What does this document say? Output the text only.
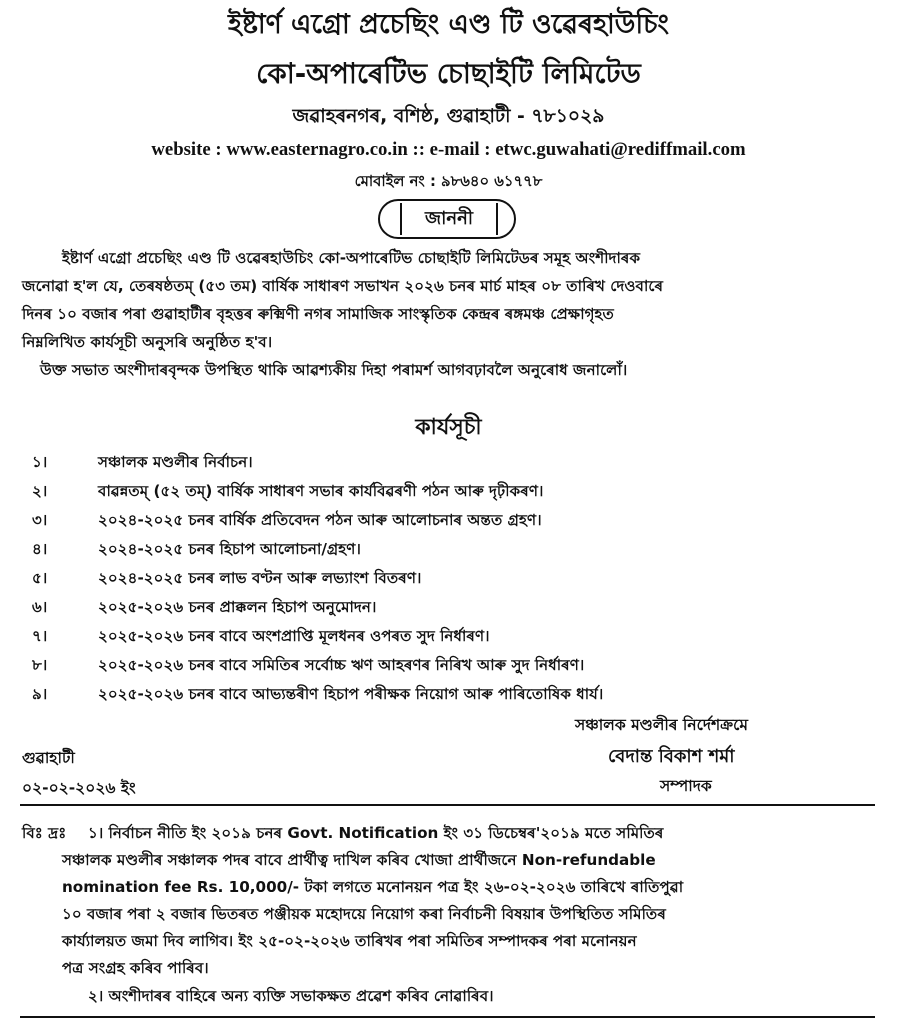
ইষ্টাৰ্ণ এগ্ৰো প্ৰচেছিং এণ্ড টি ওৱেৰহাউচিং
কো-অপাৰেটিভ চোছাইটি লিমিটেড
জৱাহৰনগৰ, বশিষ্ঠ, গুৱাহাটী - ৭৮১০২৯
website : www.easternagro.co.in :: e-mail : etwc.guwahati@rediffmail.com
মোবাইল নং : ৯৮৬৪০ ৬১৭৭৮
জাননী
ইষ্টাৰ্ণ এগ্ৰো প্ৰচেছিং এণ্ড টি ওৱেৰহাউচিং কো-অপাৰেটিভ চোছাইটি লিমিটেডৰ সমূহ অংশীদাৰক
জনোৱা হ'ল যে, তেৰষষ্ঠতম্ (৫৩ তম) বাৰ্ষিক সাধাৰণ সভাখন ২০২৬ চনৰ মাৰ্চ মাহৰ ০৮ তাৰিখ দেওবাৰে
দিনৰ ১০ বজাৰ পৰা গুৱাহাটীৰ বৃহত্তৰ ৰুক্মিণী নগৰ সামাজিক সাংস্কৃতিক কেন্দ্ৰৰ ৰঙ্গমঞ্চ প্ৰেক্ষাগৃহত
নিম্নলিখিত কাৰ্যসূচী অনুসৰি অনুষ্ঠিত হ'ব।
উক্ত সভাত অংশীদাৰবৃন্দক উপস্থিত থাকি আৱশ্যকীয় দিহা পৰামৰ্শ আগবঢ়াবলৈ অনুৰোধ জনালোঁ।
কাৰ্যসূচী
১।	সঞ্চালক মণ্ডলীৰ নিৰ্বাচন।
২।	বাৱন্নতম্ (৫২ তম্) বাৰ্ষিক সাধাৰণ সভাৰ কাৰ্যবিৱৰণী পঠন আৰু দৃঢ়ীকৰণ।
৩।	২০২৪-২০২৫ চনৰ বাৰ্ষিক প্ৰতিবেদন পঠন আৰু আলোচনাৰ অন্তত গ্ৰহণ।
৪।	২০২৪-২০২৫ চনৰ হিচাপ আলোচনা/গ্ৰহণ।
৫।	২০২৪-২০২৫ চনৰ লাভ বণ্টন আৰু লভ্যাংশ বিতৰণ।
৬।	২০২৫-২০২৬ চনৰ প্ৰাক্কলন হিচাপ অনুমোদন।
৭।	২০২৫-২০২৬ চনৰ বাবে অংশপ্ৰাপ্তি মূলধনৰ ওপৰত সুদ নিৰ্ধাৰণ।
৮।	২০২৫-২০২৬ চনৰ বাবে সমিতিৰ সৰ্বোচ্চ ঋণ আহৰণৰ নিৰিখ আৰু সুদ নিৰ্ধাৰণ।
৯।	২০২৫-২০২৬ চনৰ বাবে আভ্যন্তৰীণ হিচাপ পৰীক্ষক নিয়োগ আৰু পাৰিতোষিক ধাৰ্য।
সঞ্চালক মণ্ডলীৰ নিৰ্দেশক্ৰমে
গুৱাহাটী	বেদান্ত বিকাশ শৰ্মা
০২-০২-২০২৬ ইং	সম্পাদক
বিঃ দ্ৰঃ ১। নিৰ্বাচন নীতি ইং ২০১৯ চনৰ Govt. Notification ইং ৩১ ডিচেম্বৰ'২০১৯ মতে সমিতিৰ
সঞ্চালক মণ্ডলীৰ সঞ্চালক পদৰ বাবে প্ৰাৰ্থীত্ব দাখিল কৰিব খোজা প্ৰাৰ্থীজনে Non-refundable
nomination fee Rs. 10,000/- টকা লগতে মনোনয়ন পত্ৰ ইং ২৬-০২-২০২৬ তাৰিখে ৰাতিপুৱা
১০ বজাৰ পৰা ২ বজাৰ ভিতৰত পঞ্জীয়ক মহোদয়ে নিয়োগ কৰা নিৰ্বাচনী বিষয়াৰ উপস্থিতিত সমিতিৰ
কাৰ্য্যালয়ত জমা দিব লাগিব। ইং ২৫-০২-২০২৬ তাৰিখৰ পৰা সমিতিৰ সম্পাদকৰ পৰা মনোনয়ন
পত্ৰ সংগ্ৰহ কৰিব পাৰিব।
২। অংশীদাৰৰ বাহিৰে অন্য ব্যক্তি সভাকক্ষত প্ৰৱেশ কৰিব নোৱাৰিব।
